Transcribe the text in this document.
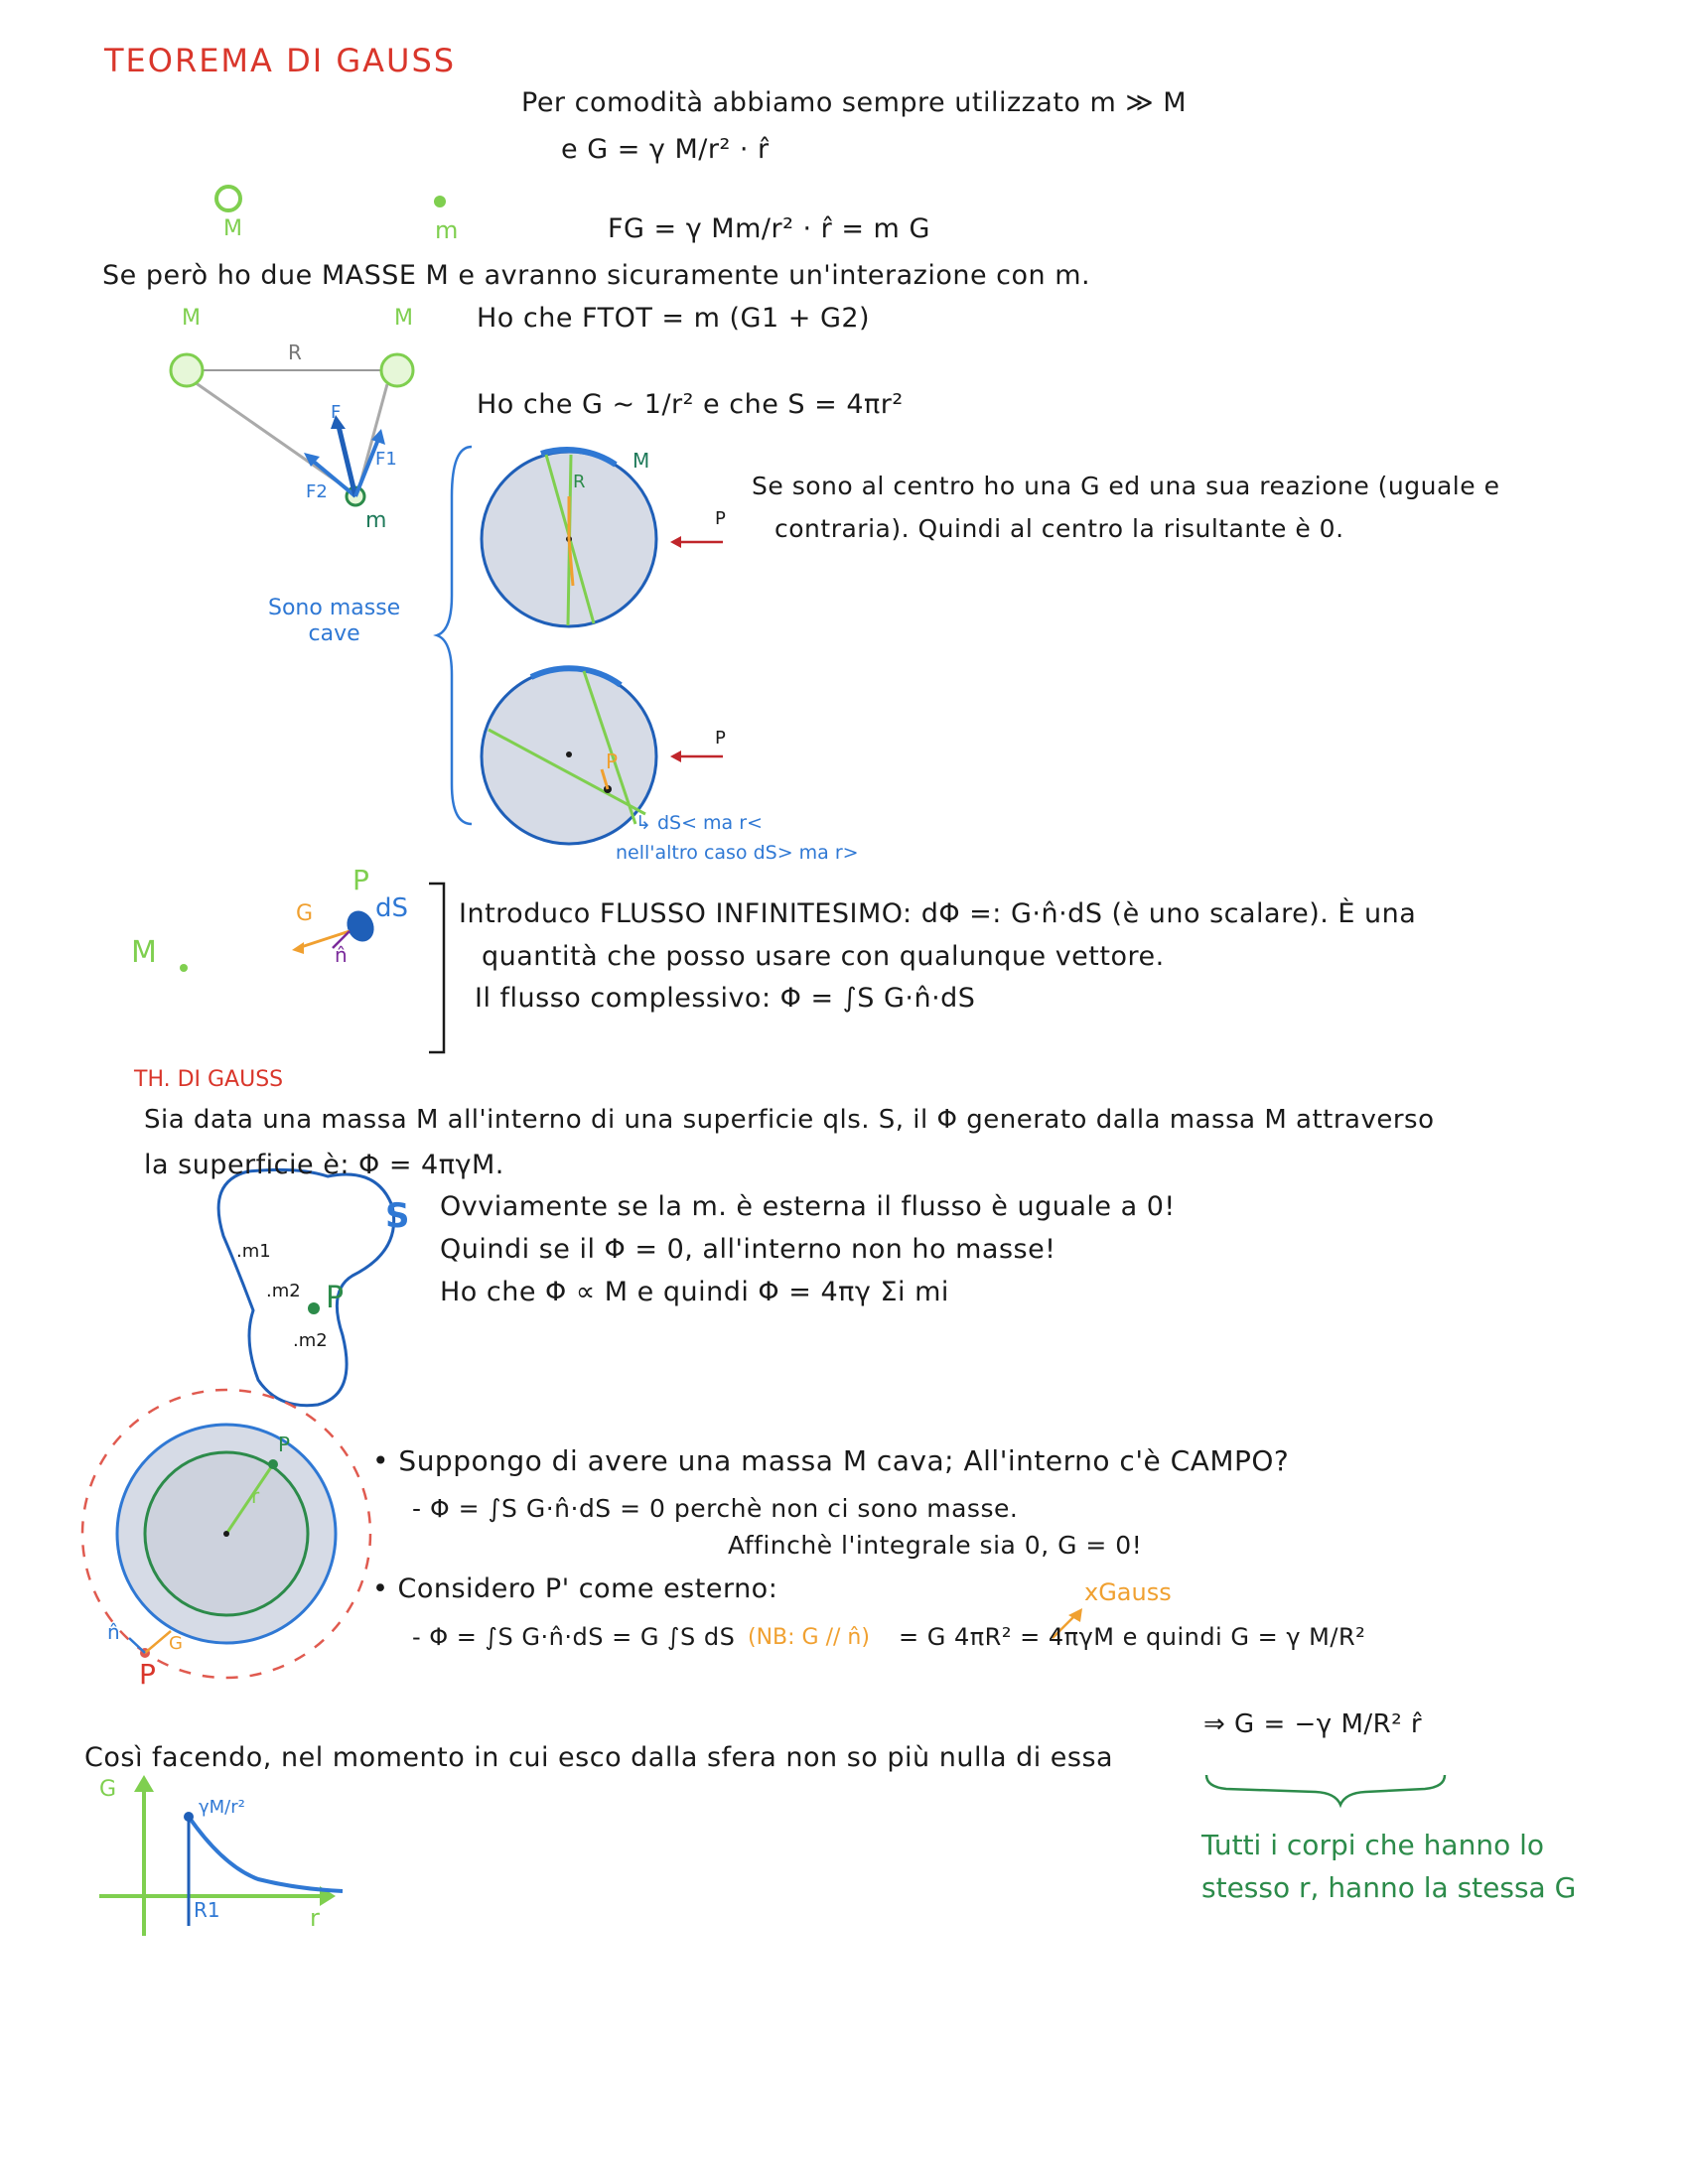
TEOREMA DI GAUSS
Per comodità abbiamo sempre utilizzato m ≫ M
e G = γ M/r² · r̂
M	m	FG = γ Mm/r² · r̂ = m G
Se però ho due MASSE M e avranno sicuramente un'interazione con m.
M	M
R
F
F1
F2
m
Ho che FTOT = m (G1 + G2)
Sono masse
cave
Ho che G ∼ 1/r² e che S = 4πr²
M
R
P
Se sono al centro ho una G ed una sua reazione (uguale e
contraria). Quindi al centro la risultante è 0.
P
P
↳ dS< ma r<
nell'altro caso dS> ma r>
P
dS
G
n̂
M
Introduco FLUSSO INFINITESIMO: dΦ =: G·n̂·dS (è uno scalare). È una
quantità che posso usare con qualunque vettore.
Il flusso complessivo: Φ = ∫S G·n̂·dS
TH. DI GAUSS
Sia data una massa M all'interno di una superficie qls. S, il Φ generato dalla massa M attraverso
la superficie è: Φ = 4πγM.
S
.m1
.m2
.m2
P
Ovviamente se la m. è esterna il flusso è uguale a 0!
Quindi se il Φ = 0, all'interno non ho masse!
Ho che Φ ∝ M e quindi Φ = 4πγ Σi mi
P
r
n̂	G
P
• Suppongo di avere una massa M cava; All'interno c'è CAMPO?
- Φ = ∫S G·n̂·dS = 0 perchè non ci sono masse.
Affinchè l'integrale sia 0, G = 0!
• Considero P' come esterno:	xGauss
- Φ = ∫S G·n̂·dS = G ∫S dS (NB: G // n̂) = G 4πR² = 4πγM e quindi G = γ M/R²
⇒ G = −γ M/R² r̂
Così facendo, nel momento in cui esco dalla sfera non so più nulla di essa
Tutti i corpi che hanno lo
stesso r, hanno la stessa G
G
r
R1
γM/r²
